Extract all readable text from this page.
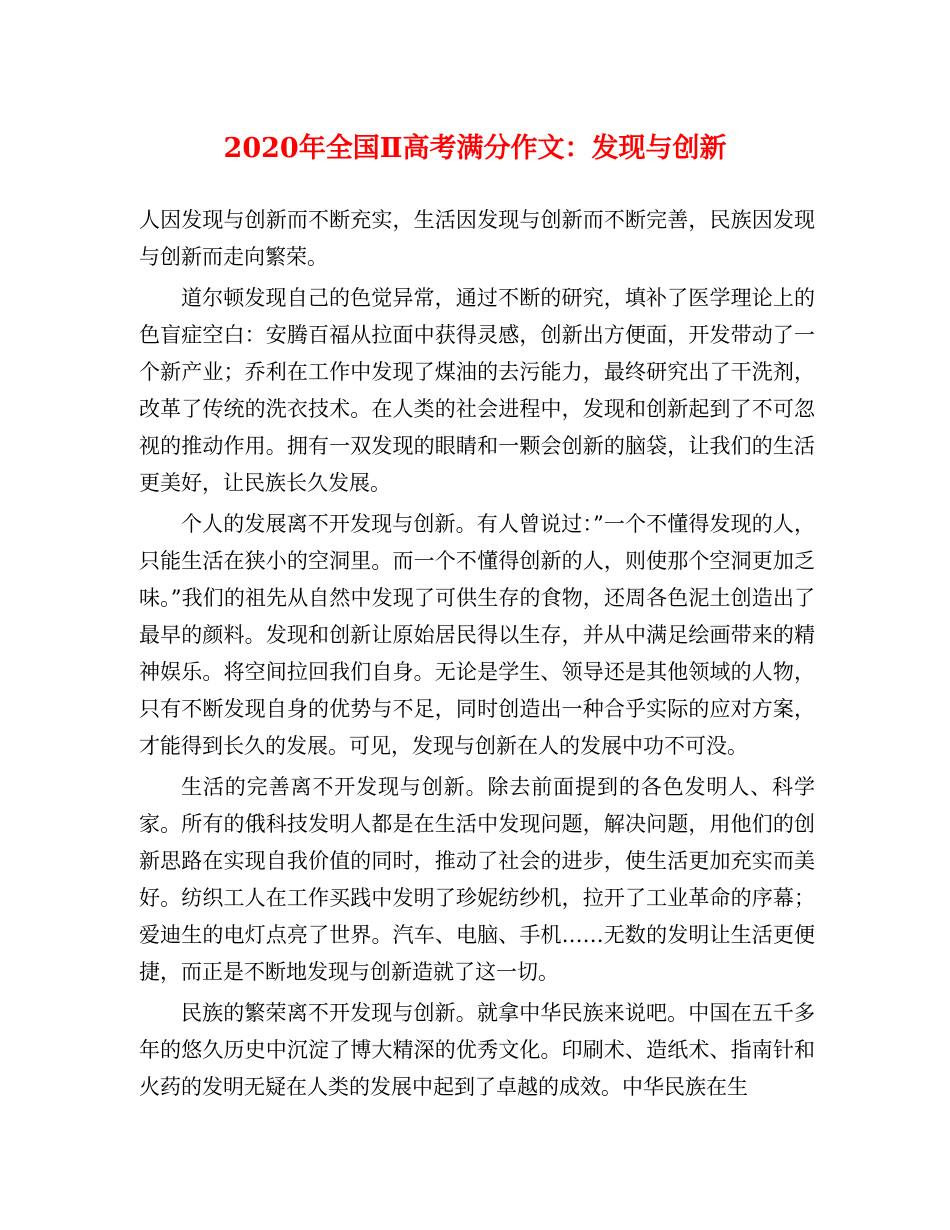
2020年全国Ⅱ高考满分作文：发现与创新

人因发现与创新而不断充实，生活因发现与创新而不断完善，民族因发现与创新而走向繁荣。

道尔顿发现自己的色觉异常，通过不断的研究，填补了医学理论上的色盲症空白：安腾百福从拉面中获得灵感，创新出方便面，开发带动了一个新产业；乔利在工作中发现了煤油的去污能力，最终研究出了干洗剂，改革了传统的洗衣技术。在人类的社会进程中，发现和创新起到了不可忽视的推动作用。拥有一双发现的眼睛和一颗会创新的脑袋，让我们的生活更美好，让民族长久发展。

个人的发展离不开发现与创新。有人曾说过：”一个不懂得发现的人，只能生活在狭小的空洞里。而一个不懂得创新的人，则使那个空洞更加乏味。”我们的祖先从自然中发现了可供生存的食物，还周各色泥土创造出了最早的颜料。发现和创新让原始居民得以生存，并从中满足绘画带来的精神娱乐。将空间拉回我们自身。无论是学生、领导还是其他领域的人物，只有不断发现自身的优势与不足，同时创造出一种合乎实际的应对方案，才能得到长久的发展。可见，发现与创新在人的发展中功不可没。

生活的完善离不开发现与创新。除去前面提到的各色发明人、科学家。所有的俄科技发明人都是在生活中发现问题，解决问题，用他们的创新思路在实现自我价值的同时，推动了社会的进步，使生活更加充实而美好。纺织工人在工作买践中发明了珍妮纺纱机，拉开了工业革命的序幕；爱迪生的电灯点亮了世界。汽车、电脑、手机……无数的发明让生活更便捷，而正是不断地发现与创新造就了这一切。

民族的繁荣离不开发现与创新。就拿中华民族来说吧。中国在五千多年的悠久历史中沉淀了博大精深的优秀文化。印刷术、造纸术、指南针和火药的发明无疑在人类的发展中起到了卓越的成效。中华民族在生
